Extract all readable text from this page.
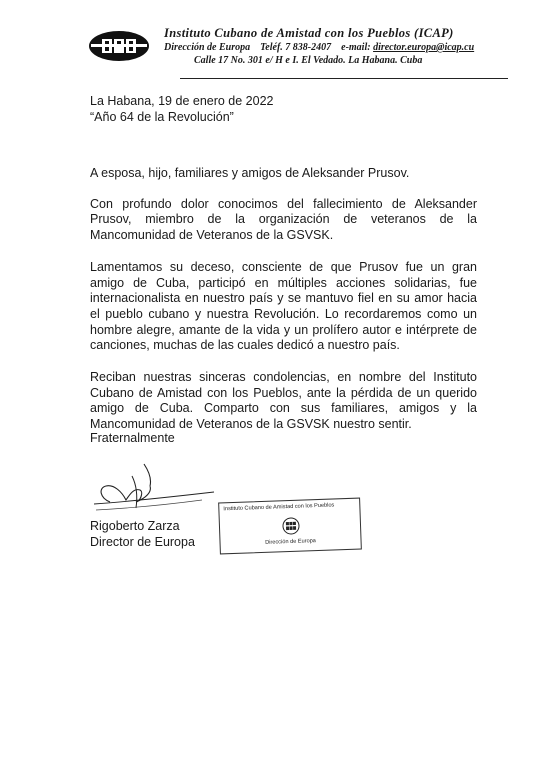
Instituto Cubano de Amistad con los Pueblos (ICAP)
Dirección de Europa Teléf. 7 838-2407 e-mail: director.europa@icap.cu
Calle 17 No. 301 e/ H e I. El Vedado. La Habana. Cuba
La Habana, 19 de enero de 2022
“Año 64 de la Revolución”

A esposa, hijo, familiares y amigos de Aleksander Prusov.

Con profundo dolor conocimos del fallecimiento de Aleksander Prusov, miembro de la organización de veteranos de la Mancomunidad de Veteranos de la GSVSK.

Lamentamos su deceso, consciente de que Prusov fue un gran amigo de Cuba, participó en múltiples acciones solidarias, fue internacionalista en nuestro país y se mantuvo fiel en su amor hacia el pueblo cubano y nuestra Revolución. Lo recordaremos como un hombre alegre, amante de la vida y un prolífero autor e intérprete de canciones, muchas de las cuales dedicó a nuestro país.

Reciban nuestras sinceras condolencias, en nombre del Instituto Cubano de Amistad con los Pueblos, ante la pérdida de un querido amigo de Cuba. Comparto con sus familiares, amigos y la Mancomunidad de Veteranos de la GSVSK nuestro sentir.

Fraternalmente
Rigoberto Zarza
Director de Europa
Instituto Cubano de Amistad con los Pueblos
Dirección de Europa
